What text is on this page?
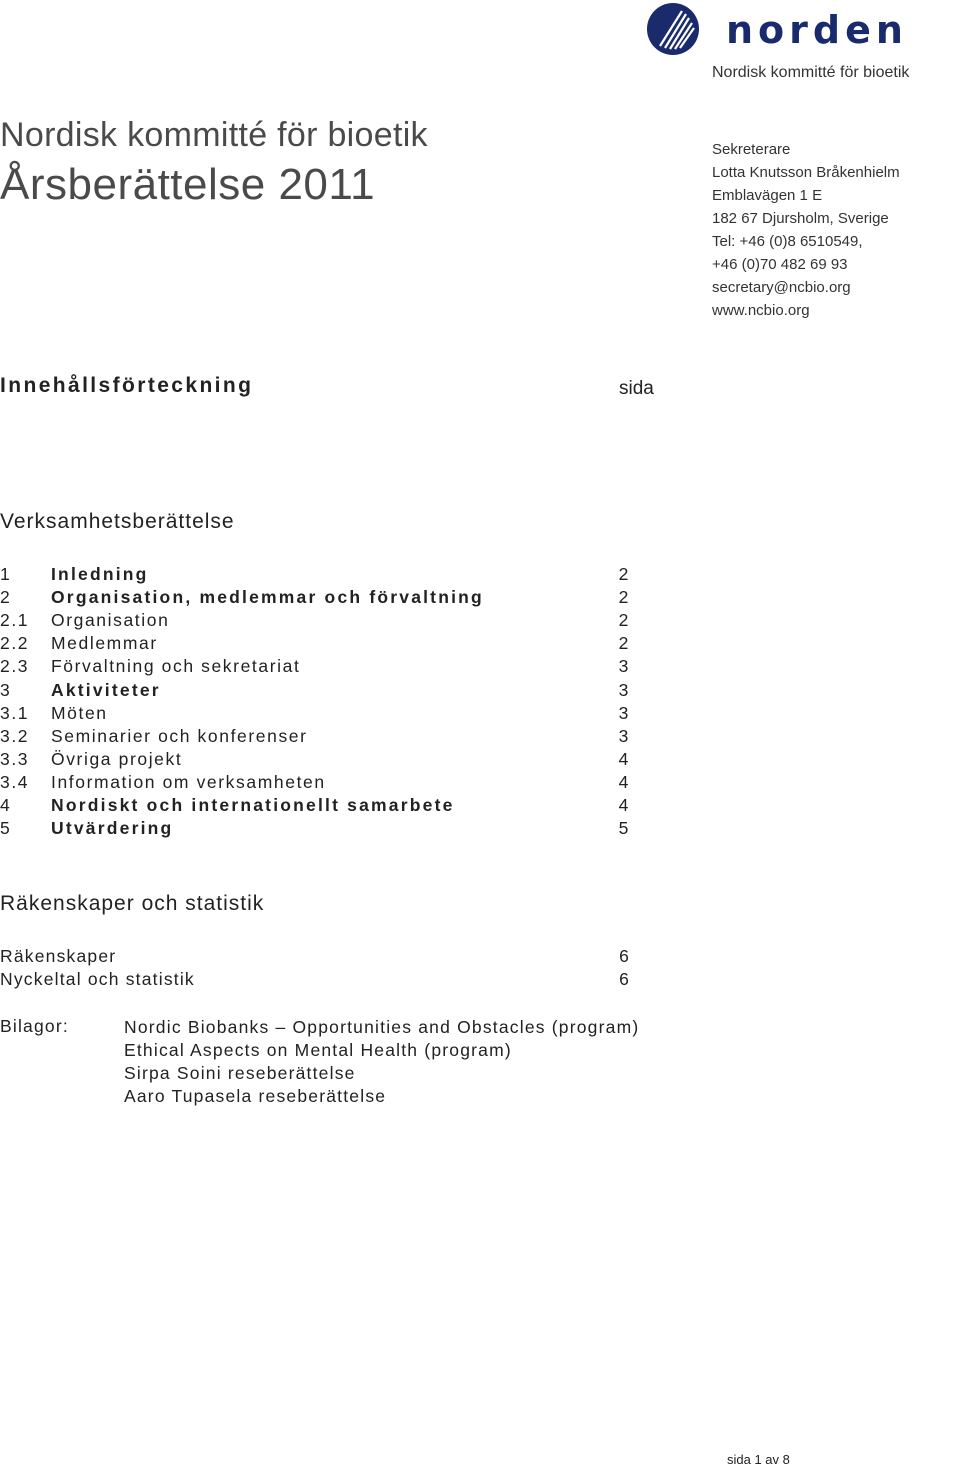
norden
Nordisk kommitté för bioetik
Nordisk kommitté för bioetik
Årsberättelse 2011
Sekreterare
Lotta Knutsson Bråkenhielm
Emblavägen 1 E
182 67 Djursholm, Sverige
Tel: +46 (0)8 6510549,
+46 (0)70 482 69 93
secretary@ncbio.org
www.ncbio.org
Innehållsförteckning	sida
Verksamhetsberättelse
1 Inledning	2
2 Organisation, medlemmar och förvaltning	2
2.1 Organisation	2
2.2 Medlemmar	2
2.3 Förvaltning och sekretariat	3
3 Aktiviteter	3
3.1 Möten	3
3.2 Seminarier och konferenser	3
3.3 Övriga projekt	4
3.4 Information om verksamheten	4
4 Nordiskt och internationellt samarbete	4
5 Utvärdering	5
Räkenskaper och statistik
Räkenskaper	6
Nyckeltal och statistik	6
Bilagor:	Nordic Biobanks – Opportunities and Obstacles (program)
Ethical Aspects on Mental Health (program)
Sirpa Soini reseberättelse
Aaro Tupasela reseberättelse
sida 1 av 8
